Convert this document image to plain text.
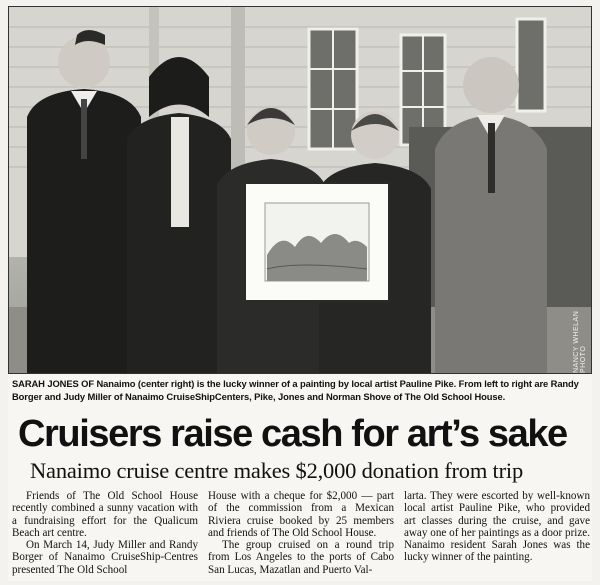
NANCY WHELAN PHOTO
SARAH JONES OF Nanaimo (center right) is the lucky winner of a painting by local artist Pauline Pike. From left to right are Randy Borger and Judy Miller of Nanaimo CruiseShipCenters, Pike, Jones and Norman Shove of The Old School House.
Cruisers raise cash for art’s sake
Nanaimo cruise centre makes $2,000 donation from trip

Friends of The Old School House recently combined a sunny vacation with a fundraising effort for the Qualicum Beach art centre.

On March 14, Judy Miller and Randy Borger of Nanaimo CruiseShip-Centres presented The Old School

House with a cheque for $2,000 — part of the commission from a Mexican Riviera cruise booked by 25 members and friends of The Old School House.

The group cruised on a round trip from Los Angeles to the ports of Cabo San Lucas, Mazatlan and Puerto Val-

larta. They were escorted by well-known local artist Pauline Pike, who provided art classes during the cruise, and gave away one of her paintings as a door prize. Nanaimo resident Sarah Jones was the lucky winner of the painting.
